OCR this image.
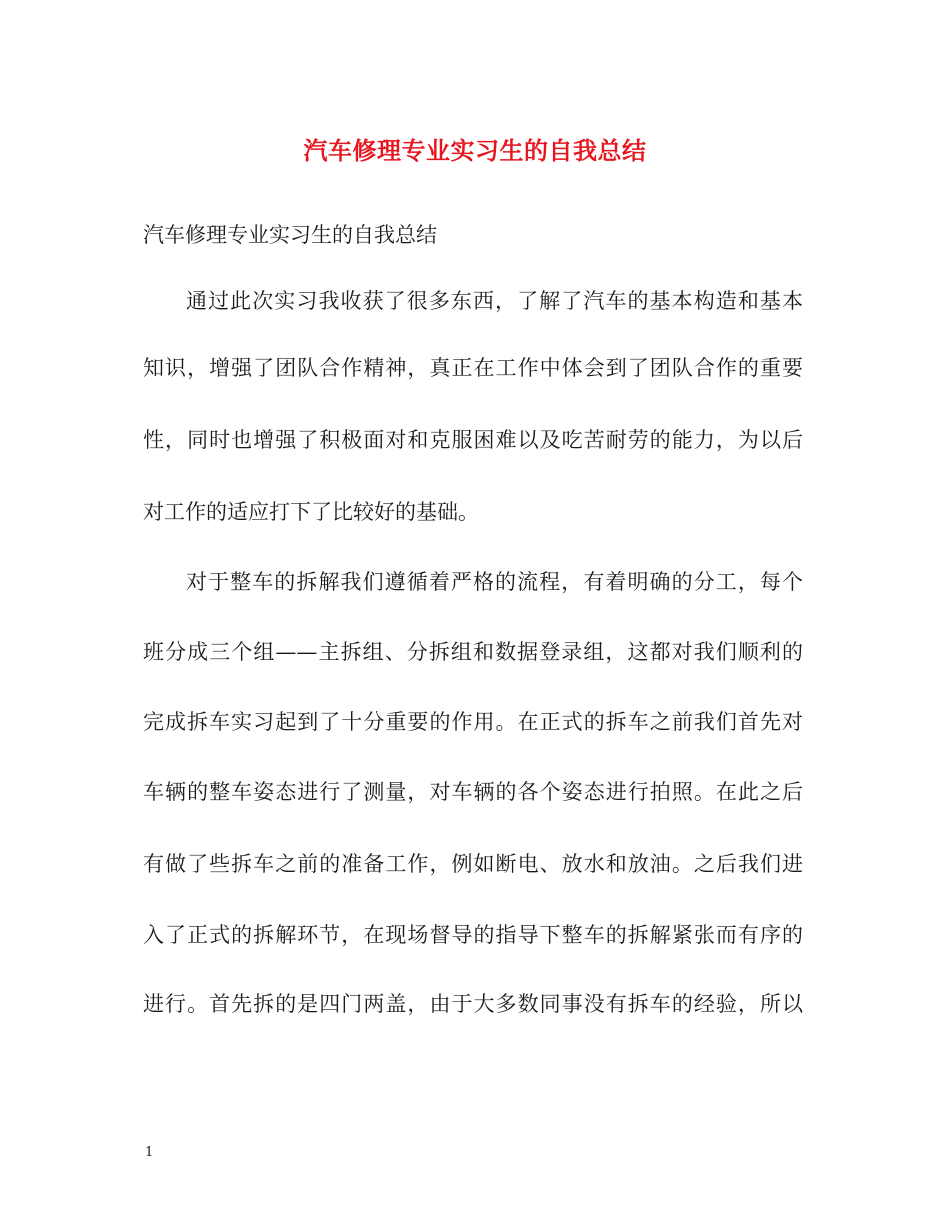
汽车修理专业实习生的自我总结
汽车修理专业实习生的自我总结
通过此次实习我收获了很多东西，了解了汽车的基本构造和基本
知识，增强了团队合作精神，真正在工作中体会到了团队合作的重要
性，同时也增强了积极面对和克服困难以及吃苦耐劳的能力，为以后
对工作的适应打下了比较好的基础。
对于整车的拆解我们遵循着严格的流程，有着明确的分工，每个
班分成三个组——主拆组、分拆组和数据登录组，这都对我们顺利的
完成拆车实习起到了十分重要的作用。在正式的拆车之前我们首先对
车辆的整车姿态进行了测量，对车辆的各个姿态进行拍照。在此之后
有做了些拆车之前的准备工作，例如断电、放水和放油。之后我们进
入了正式的拆解环节，在现场督导的指导下整车的拆解紧张而有序的
进行。首先拆的是四门两盖，由于大多数同事没有拆车的经验，所以
1
